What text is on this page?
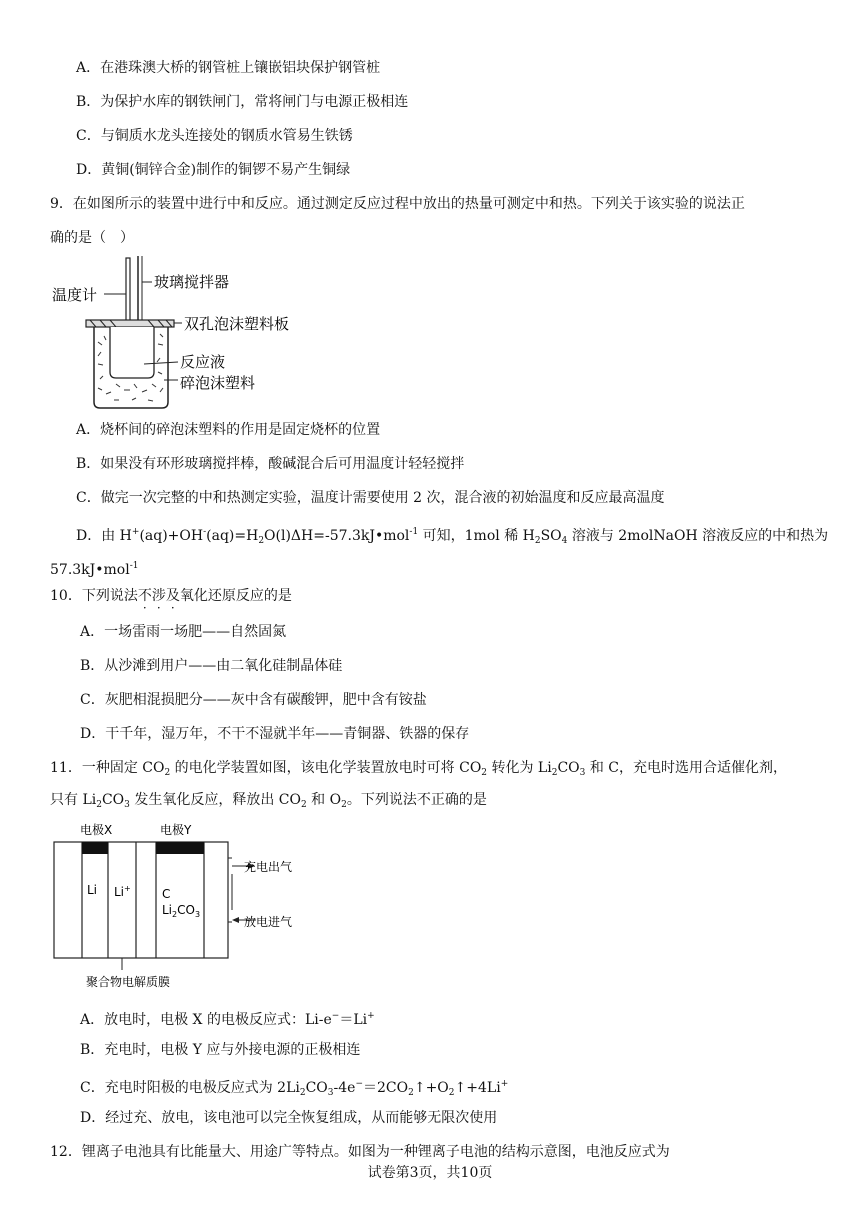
A．在港珠澳大桥的钢管桩上镶嵌铝块保护钢管桩
B．为保护水库的钢铁闸门，常将闸门与电源正极相连
C．与铜质水龙头连接处的钢质水管易生铁锈
D．黄铜(铜锌合金)制作的铜锣不易产生铜绿
9．在如图所示的装置中进行中和反应。通过测定反应过程中放出的热量可测定中和热。下列关于该实验的说法正
确的是（　）
温度计
玻璃搅拌器
双孔泡沫塑料板
反应液
碎泡沫塑料
A．烧杯间的碎泡沫塑料的作用是固定烧杯的位置
B．如果没有环形玻璃搅拌棒，酸碱混合后可用温度计轻轻搅拌
C．做完一次完整的中和热测定实验，温度计需要使用 2 次，混合液的初始温度和反应最高温度
D．由 $H^+(aq)+OH^-(aq)=H_2O(l)\Delta H=-57.3kJ•mol^{-1}$ 可知，1mol 稀 $H_2SO_4$ 溶液与 2molNaOH 溶液反应的中和热为
57.3kJ•mol$^{-1}$
10．下列说法不涉及氧化还原反应的是
A．一场雷雨一场肥——自然固氮
B．从沙滩到用户——由二氧化硅制晶体硅
C．灰肥相混损肥分——灰中含有碳酸钾，肥中含有铵盐
D．干千年，湿万年，不干不湿就半年——青铜器、铁器的保存
11．一种固定 $CO_2$ 的电化学装置如图，该电化学装置放电时可将 $CO_2$ 转化为 $Li_2CO_3$ 和 C，充电时选用合适催化剂，
只有 $Li_2CO_3$ 发生氧化反应，释放出 $CO_2$ 和 $O_2$。下列说法不正确的是
电极X	电极Y
Li Li+	C
$Li_2CO_3$
充电出气
放电进气
聚合物电解质膜
A．放电时，电极 X 的电极反应式：Li-e−＝Li+
B．充电时，电极 Y 应与外接电源的正极相连
C．充电时阳极的电极反应式为 $2Li_2CO_3-4e^-=2CO_2↑+O_2↑+4Li^+$
D．经过充、放电，该电池可以完全恢复组成，从而能够无限次使用
12．锂离子电池具有比能量大、用途广等特点。如图为一种锂离子电池的结构示意图，电池反应式为
试卷第3页，共10页
